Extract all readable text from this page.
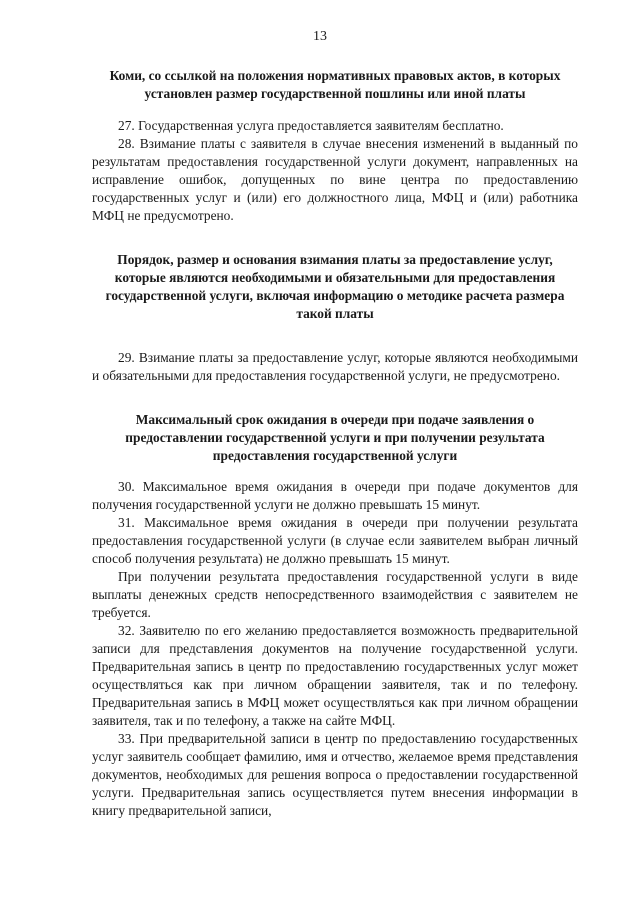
13

Коми, со ссылкой на положения нормативных правовых актов, в которых установлен размер государственной пошлины или иной платы

27. Государственная услуга предоставляется заявителям бесплатно.

28. Взимание платы с заявителя в случае внесения изменений в выданный по результатам предоставления государственной услуги документ, направленных на исправление ошибок, допущенных по вине центра по предоставлению государственных услуг и (или) его должностного лица, МФЦ и (или) работника МФЦ не предусмотрено.

Порядок, размер и основания взимания платы за предоставление услуг, которые являются необходимыми и обязательными для предоставления государственной услуги, включая информацию о методике расчета размера такой платы

29. Взимание платы за предоставление услуг, которые являются необходимыми и обязательными для предоставления государственной услуги, не предусмотрено.

Максимальный срок ожидания в очереди при подаче заявления о предоставлении государственной услуги и при получении результата предоставления государственной услуги

30. Максимальное время ожидания в очереди при подаче документов для получения государственной услуги не должно превышать 15 минут.

31. Максимальное время ожидания в очереди при получении результата предоставления государственной услуги (в случае если заявителем выбран личный способ получения результата) не должно превышать 15 минут.

При получении результата предоставления государственной услуги в виде выплаты денежных средств непосредственного взаимодействия с заявителем не требуется.

32. Заявителю по его желанию предоставляется возможность предварительной записи для представления документов на получение государственной услуги. Предварительная запись в центр по предоставлению государственных услуг может осуществляться как при личном обращении заявителя, так и по телефону. Предварительная запись в МФЦ может осуществляться как при личном обращении заявителя, так и по телефону, а также на сайте МФЦ.

33. При предварительной записи в центр по предоставлению государственных услуг заявитель сообщает фамилию, имя и отчество, желаемое время представления документов, необходимых для решения вопроса о предоставлении государственной услуги. Предварительная запись осуществляется путем внесения информации в книгу предварительной записи,
